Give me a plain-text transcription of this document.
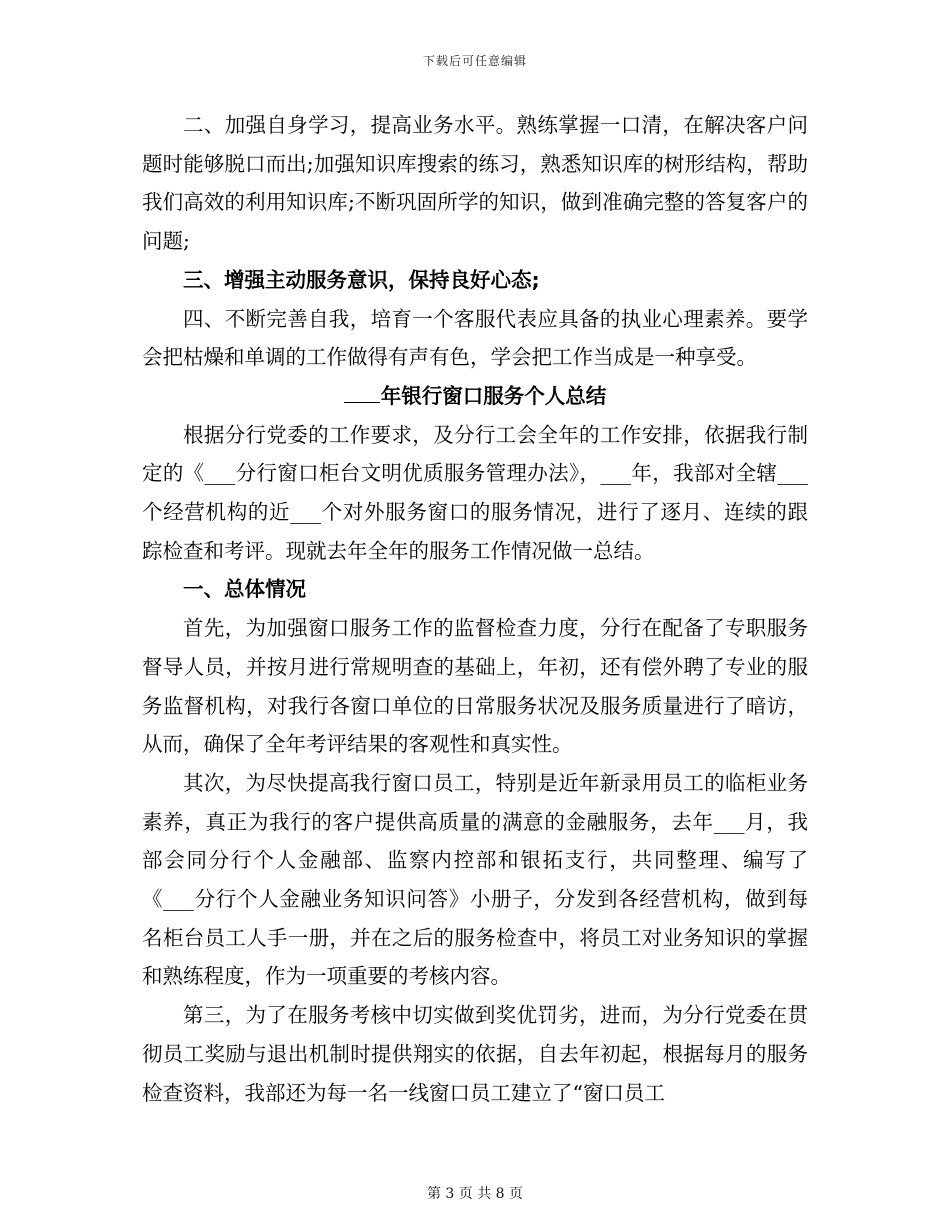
下载后可任意编辑

二、加强自身学习，提高业务水平。熟练掌握一口清，在解决客户问题时能够脱口而出;加强知识库搜索的练习，熟悉知识库的树形结构，帮助我们高效的利用知识库;不断巩固所学的知识，做到准确完整的答复客户的问题;

三、增强主动服务意识，保持良好心态;

四、不断完善自我，培育一个客服代表应具备的执业心理素养。要学会把枯燥和单调的工作做得有声有色，学会把工作当成是一种享受。

年银行窗口服务个人总结

根据分行党委的工作要求，及分行工会全年的工作安排，依据我行制定的《___分行窗口柜台文明优质服务管理办法》，___年，我部对全辖___个经营机构的近___个对外服务窗口的服务情况，进行了逐月、连续的跟踪检查和考评。现就去年全年的服务工作情况做一总结。

一、总体情况

首先，为加强窗口服务工作的监督检查力度，分行在配备了专职服务督导人员，并按月进行常规明查的基础上，年初，还有偿外聘了专业的服务监督机构，对我行各窗口单位的日常服务状况及服务质量进行了暗访，从而，确保了全年考评结果的客观性和真实性。

其次，为尽快提高我行窗口员工，特别是近年新录用员工的临柜业务素养，真正为我行的客户提供高质量的满意的金融服务，去年___月，我部会同分行个人金融部、监察内控部和银拓支行，共同整理、编写了《___分行个人金融业务知识问答》小册子，分发到各经营机构，做到每名柜台员工人手一册，并在之后的服务检查中，将员工对业务知识的掌握和熟练程度，作为一项重要的考核内容。

第三，为了在服务考核中切实做到奖优罚劣，进而，为分行党委在贯彻员工奖励与退出机制时提供翔实的依据，自去年初起，根据每月的服务检查资料，我部还为每一名一线窗口员工建立了“窗口员工

第 3 页 共 8 页
